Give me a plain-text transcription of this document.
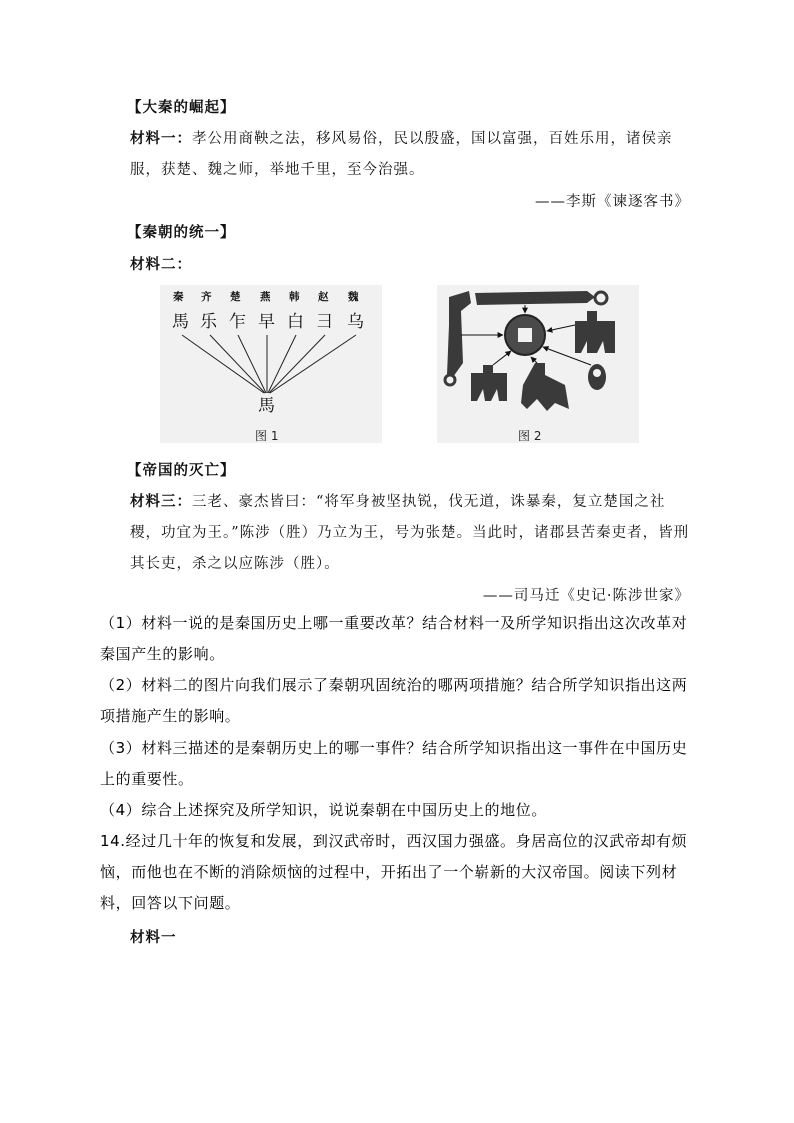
【大秦的崛起】
材料一：孝公用商鞅之法，移风易俗，民以殷盛，国以富强，百姓乐用，诸侯亲
服，获楚、魏之师，举地千里，至今治强。
——李斯《谏逐客书》
【秦朝的统一】
材料二：
秦 齐 楚 燕 韩 赵 魏
馬 乐 乍 早 白 彐 乌
馬
图 1	图 2
【帝国的灭亡】
材料三：三老、豪杰皆曰：“将军身被坚执锐，伐无道，诛暴秦，复立楚国之社
稷，功宜为王。”陈涉（胜）乃立为王，号为张楚。当此时，诸郡县苦秦吏者，皆刑
其长吏，杀之以应陈涉（胜）。
——司马迁《史记·陈涉世家》
（1）材料一说的是秦国历史上哪一重要改革？结合材料一及所学知识指出这次改革对
秦国产生的影响。
（2）材料二的图片向我们展示了秦朝巩固统治的哪两项措施？结合所学知识指出这两
项措施产生的影响。
（3）材料三描述的是秦朝历史上的哪一事件？结合所学知识指出这一事件在中国历史
上的重要性。
（4）综合上述探究及所学知识，说说秦朝在中国历史上的地位。
14.经过几十年的恢复和发展，到汉武帝时，西汉国力强盛。身居高位的汉武帝却有烦
恼，而他也在不断的消除烦恼的过程中，开拓出了一个崭新的大汉帝国。阅读下列材
料，回答以下问题。
材料一
